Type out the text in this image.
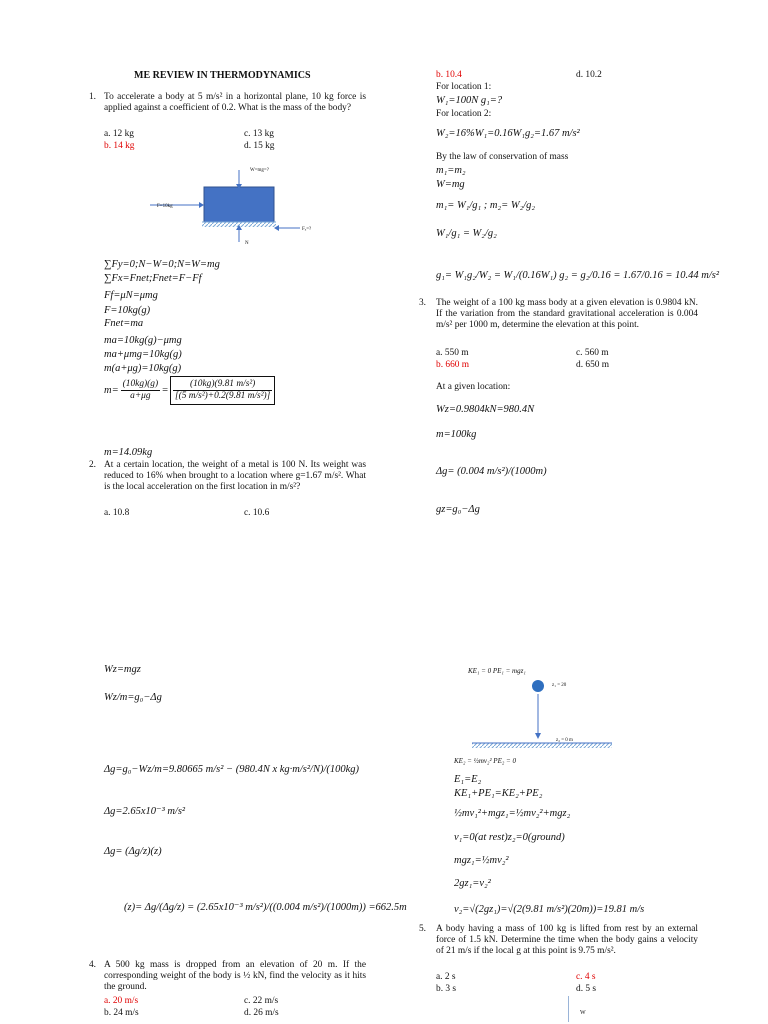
ME REVIEW IN THERMODYNAMICS
1. To accelerate a body at 5 m/s² in a horizontal plane, 10 kg force is applied against a coefficient of 0.2. What is the mass of the body?
a. 12 kg
b. 14 kg
c. 13 kg
d. 15 kg
W=mg=?
F=10kg
N
Fₓ=?
∑Fy=0;N−W=0;N=W=mg
∑Fx=Fnet;Fnet=F−Ff
Ff=μN=μmg
F=10kg(g)
Fnet=ma
ma=10kg(g)−μmg
ma+μmg=10kg(g)
m(a+μg)=10kg(g)
$m= \frac{(10kg)(g)}{a+\mu g} = \frac{\text{(10kg)(9.81 m/s²)}}{\text{[(5 m/s²)+0.2(9.81 m/s²)]}}$
m=14.09kg
2. At a certain location, the weight of a metal is 100 N. Its weight was reduced to 16% when brought to a location where g=1.67 m/s². What is the local acceleration on the first location in m/s²?
a. 10.8	c. 10.6
Wz=mgz
Wz/m=g₀−Δg
Δg=g₀−Wz/m=9.80665 m/s² − (980.4N x kg·m/s²/N)/(100kg)
Δg=2.65x10⁻³ m/s²
Δg= (Δg/z)(z)
(z)= Δg/(Δg/z) = (2.65x10⁻³ m/s²)/((0.004 m/s²)/(1000m)) =662.5m
4. A 500 kg mass is dropped from an elevation of 20 m. If the corresponding weight of the body is ½ kN, find the velocity as it hits the ground.
a. 20 m/s
b. 24 m/s
c. 22 m/s
d. 26 m/s
b. 10.4	d. 10.2
For location 1:
W₁=100N g₁=?
For location 2:
W₂=16%W₁=0.16W₁g₂=1.67 m/s²
By the law of conservation of mass
m₁=m₂
W=mg
m₁= W₁/g₁ ; m₂= W₂/g₂
W₁/g₁ = W₂/g₂
g₁= W₁g₂/W₂ = W₁/(0.16W₁) g₂ = g₂/0.16 = 1.67/0.16 = 10.44 m/s²
3. The weight of a 100 kg mass body at a given elevation is 0.9804 kN. If the variation from the standard gravitational acceleration is 0.004 m/s² per 1000 m, determine the elevation at this point.
a. 550 m
b. 660 m
c. 560 m
d. 650 m
At a given location:
Wz=0.9804kN=980.4N
m=100kg
Δg= (0.004 m/s²)/(1000m)
gz=g₀−Δg
KE₁ = 0 PE₁ = mgz₁
z₁ = 20
z₂ = 0 m
KE₂ = ½mv₂² PE₂ = 0
E₁=E₂
KE₁+PE₁=KE₂+PE₂
½mv₁²+mgz₁=½mv₂²+mgz₂
v₁=0(at rest)z₂=0(ground)
mgz₁=½mv₂²
2gz₁=v₂²
v₂=√(2gz₁)=√(2(9.81 m/s²)(20m))=19.81 m/s
5. A body having a mass of 100 kg is lifted from rest by an external force of 1.5 kN. Determine the time when the body gains a velocity of 21 m/s if the local g at this point is 9.75 m/s².
a. 2 s
b. 3 s
c. 4 s
d. 5 s
W
